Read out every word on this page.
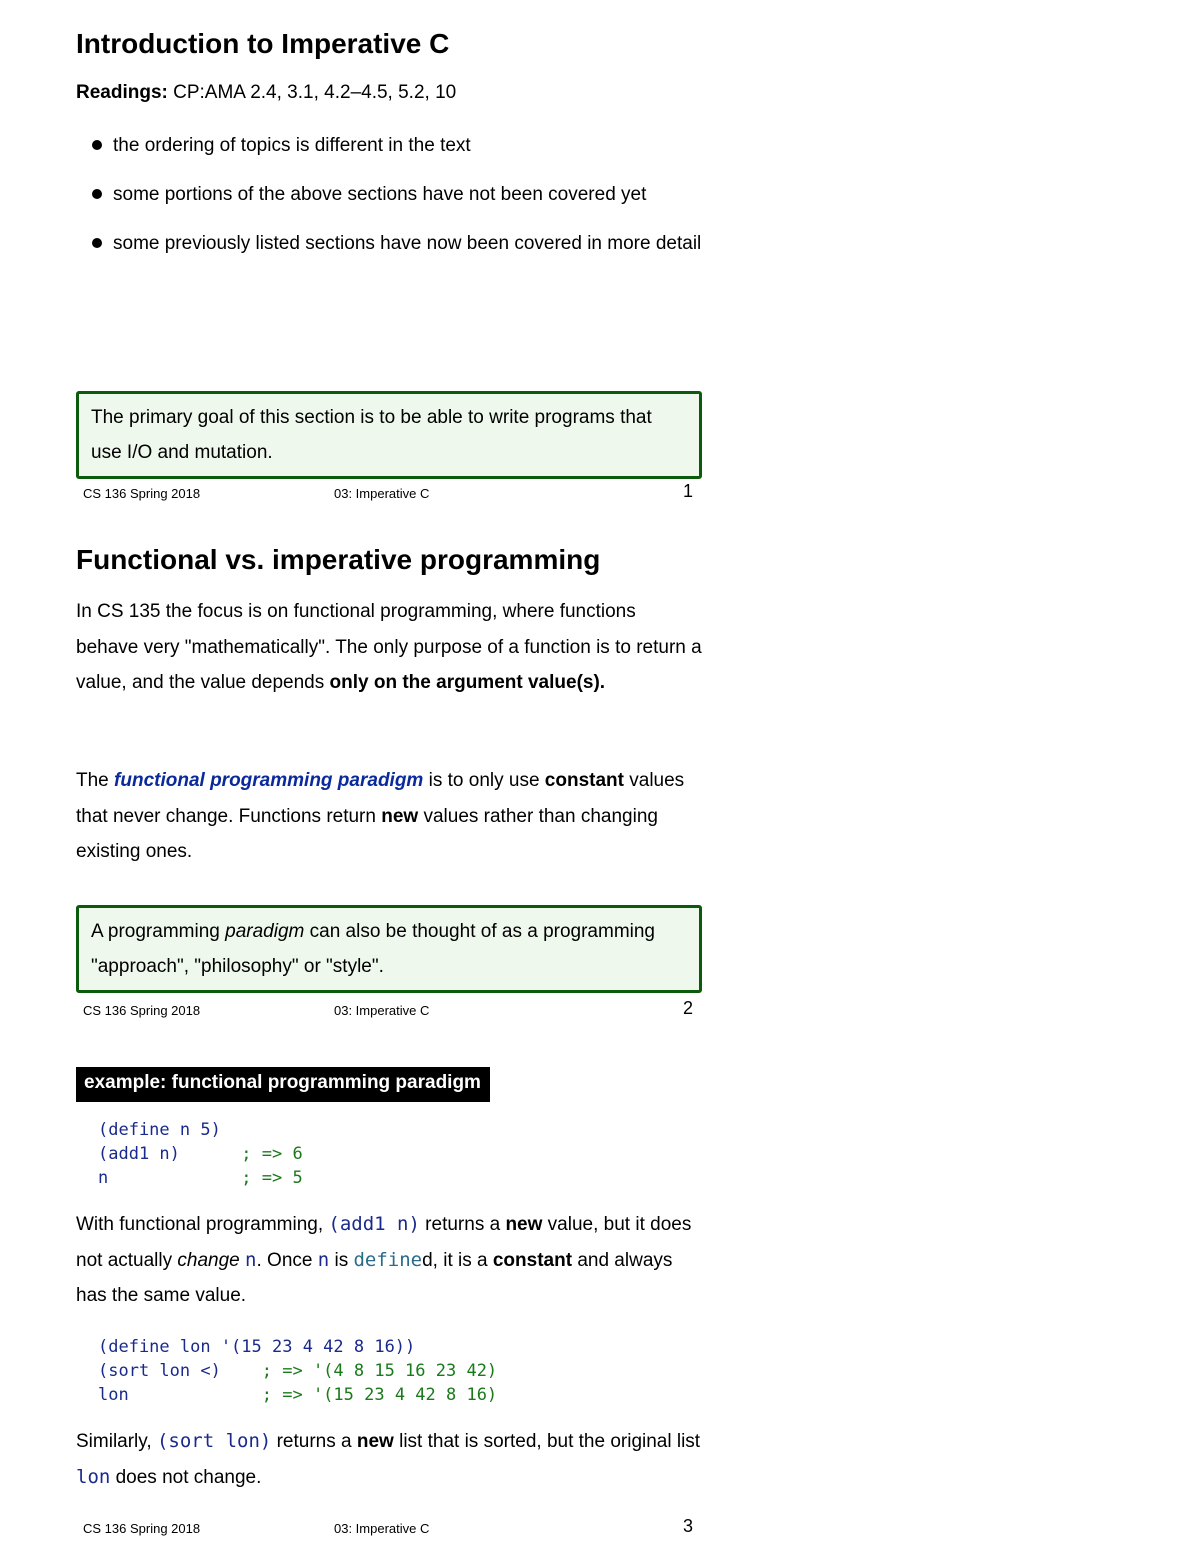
Introduction to Imperative C
Readings: CP:AMA 2.4, 3.1, 4.2–4.5, 5.2, 10
the ordering of topics is different in the text
some portions of the above sections have not been covered yet
some previously listed sections have now been covered in more detail
The primary goal of this section is to be able to write programs that use I/O and mutation.
CS 136 Spring 2018	03: Imperative C	1
Functional vs. imperative programming

In CS 135 the focus is on functional programming, where functions behave very "mathematically". The only purpose of a function is to return a value, and the value depends only on the argument value(s).

The functional programming paradigm is to only use constant values that never change. Functions return new values rather than changing existing ones.

A programming paradigm can also be thought of as a programming "approach", "philosophy" or "style".
CS 136 Spring 2018	03: Imperative C	2
example: functional programming paradigm
(define n 5)
(add1 n)      ; => 6
n             ; => 5

With functional programming, (add1 n) returns a new value, but it does not actually change n. Once n is defined, it is a constant and always has the same value.

(define lon '(15 23 4 42 8 16))
(sort lon <)    ; => '(4 8 15 16 23 42)
lon             ; => '(15 23 4 42 8 16)

Similarly, (sort lon) returns a new list that is sorted, but the original list lon does not change.

CS 136 Spring 2018	03: Imperative C	3
